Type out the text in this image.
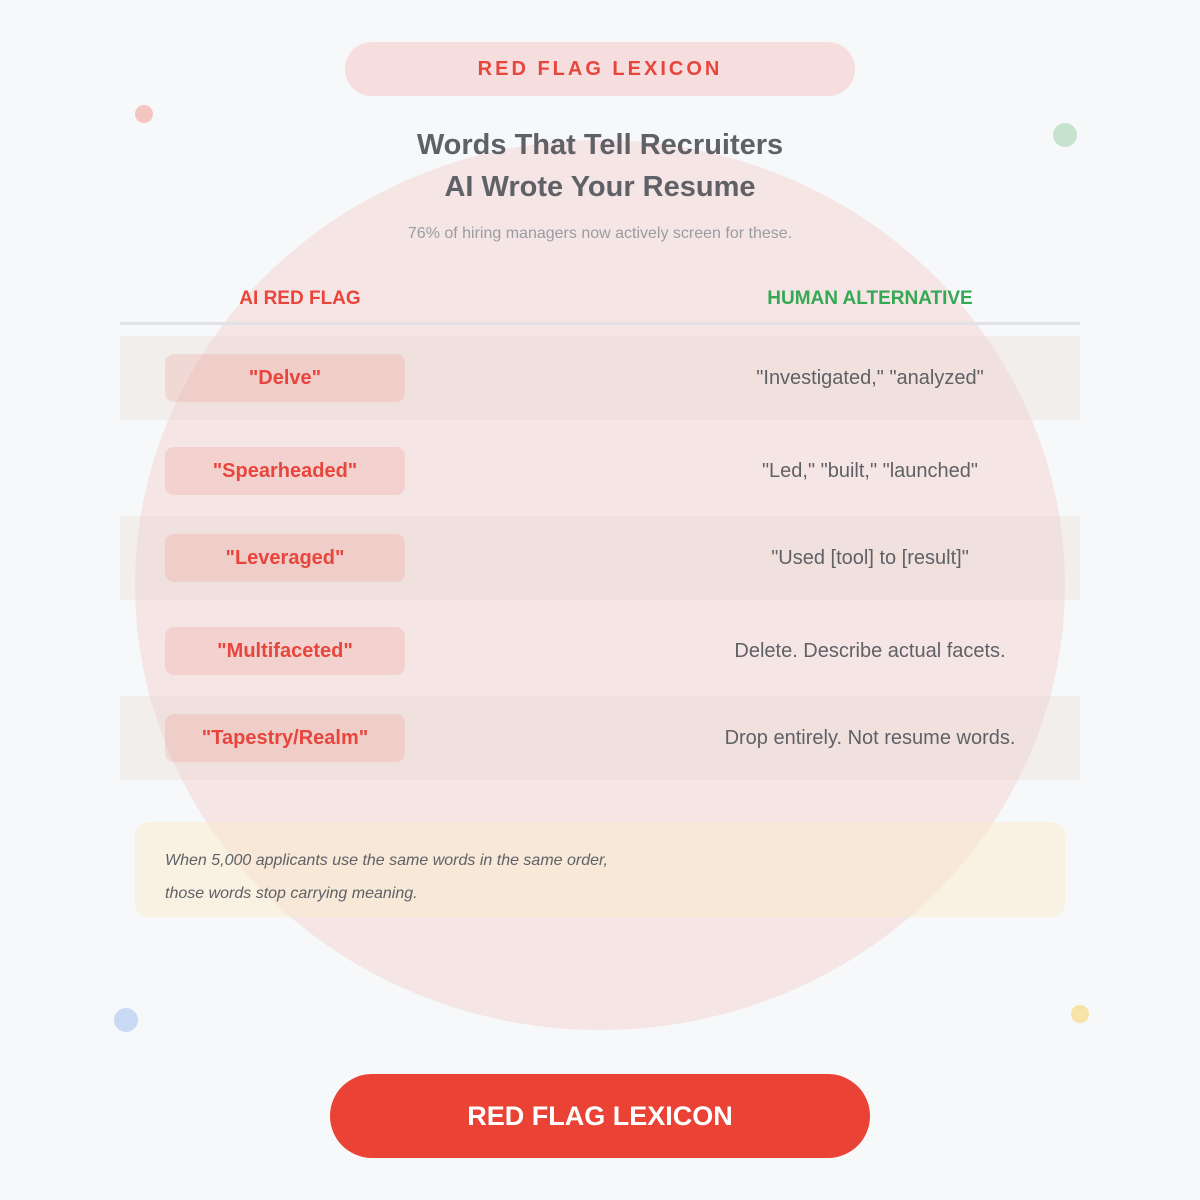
RED FLAG LEXICON
Words That Tell Recruiters
AI Wrote Your Resume
76% of hiring managers now actively screen for these.
AI RED FLAG	HUMAN ALTERNATIVE
"Delve"	"Investigated," "analyzed"
"Spearheaded"	"Led," "built," "launched"
"Leveraged"	"Used [tool] to [result]"
"Multifaceted"	Delete. Describe actual facets.
"Tapestry/Realm"	Drop entirely. Not resume words.
When 5,000 applicants use the same words in the same order,
those words stop carrying meaning.
RED FLAG LEXICON
